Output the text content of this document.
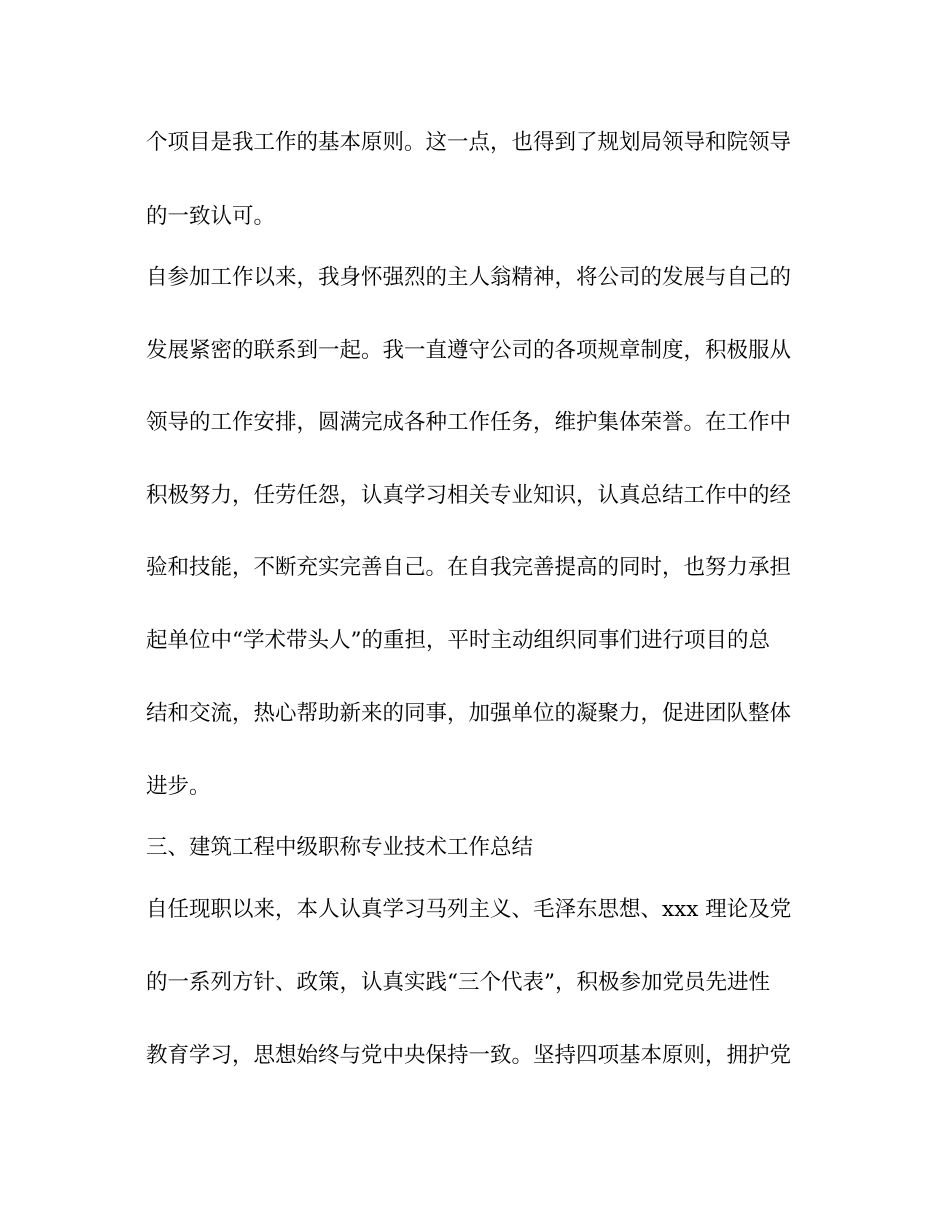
个项目是我工作的基本原则。这一点，也得到了规划局领导和院领导
的一致认可。
自参加工作以来，我身怀强烈的主人翁精神，将公司的发展与自己的
发展紧密的联系到一起。我一直遵守公司的各项规章制度，积极服从
领导的工作安排，圆满完成各种工作任务，维护集体荣誉。在工作中
积极努力，任劳任怨，认真学习相关专业知识，认真总结工作中的经
验和技能，不断充实完善自己。在自我完善提高的同时，也努力承担
起单位中“学术带头人”的重担，平时主动组织同事们进行项目的总
结和交流，热心帮助新来的同事，加强单位的凝聚力，促进团队整体
进步。
三、建筑工程中级职称专业技术工作总结
自任现职以来，本人认真学习马列主义、毛泽东思想、xxx 理论及党
的一系列方针、政策，认真实践“三个代表”，积极参加党员先进性
教育学习，思想始终与党中央保持一致。坚持四项基本原则，拥护党
